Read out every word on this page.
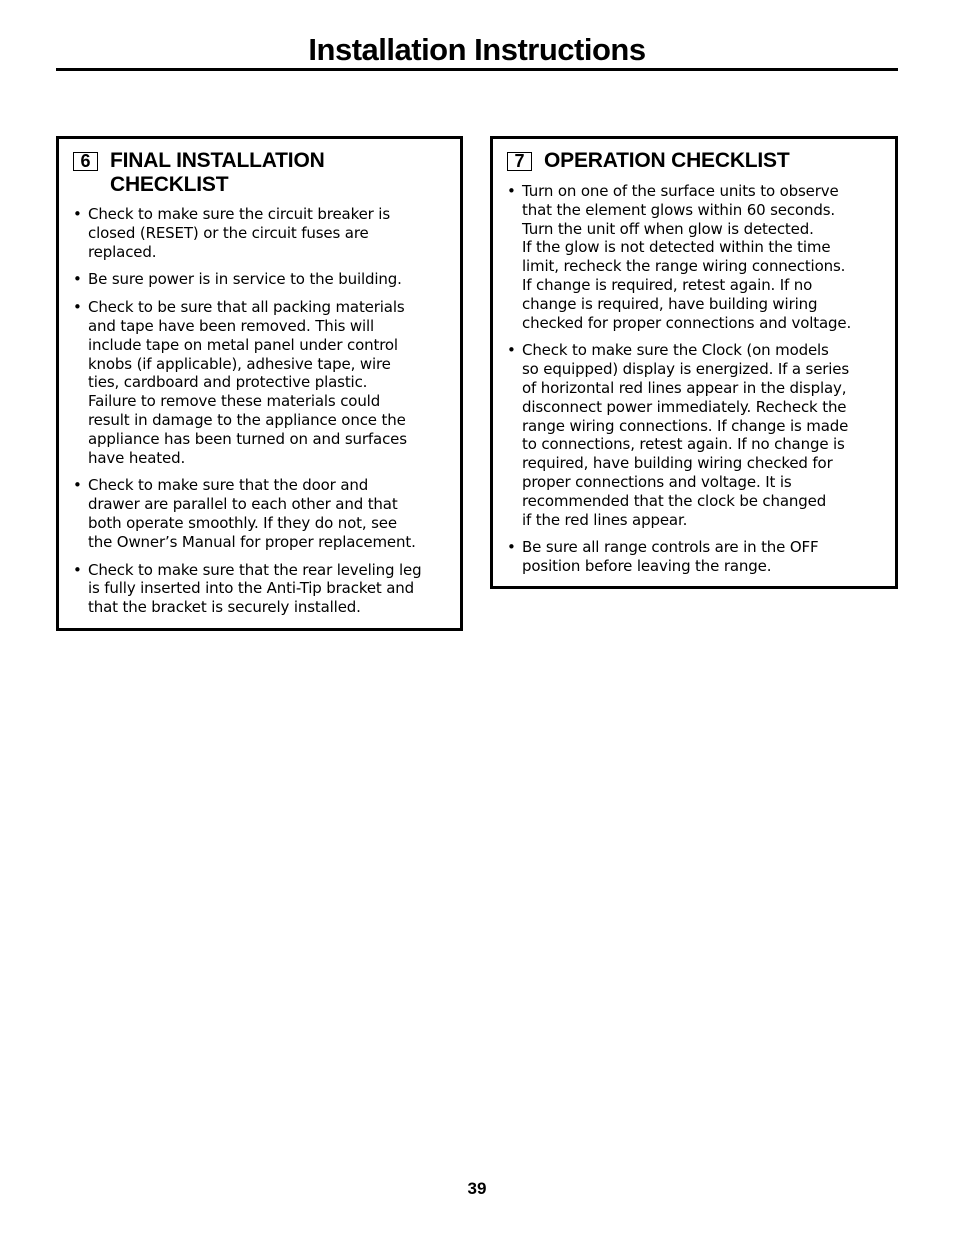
Installation Instructions
6 FINAL INSTALLATION CHECKLIST
• Check to make sure the circuit breaker is
closed (RESET) or the circuit fuses are
replaced.
• Be sure power is in service to the building.
• Check to be sure that all packing materials
and tape have been removed. This will
include tape on metal panel under control
knobs (if applicable), adhesive tape, wire
ties, cardboard and protective plastic.
Failure to remove these materials could
result in damage to the appliance once the
appliance has been turned on and surfaces
have heated.
• Check to make sure that the door and
drawer are parallel to each other and that
both operate smoothly. If they do not, see
the Owner’s Manual for proper replacement.
• Check to make sure that the rear leveling leg
is fully inserted into the Anti-Tip bracket and
that the bracket is securely installed.
7 OPERATION CHECKLIST
• Turn on one of the surface units to observe
that the element glows within 60 seconds.
Turn the unit off when glow is detected.
If the glow is not detected within the time
limit, recheck the range wiring connections.
If change is required, retest again. If no
change is required, have building wiring
checked for proper connections and voltage.
• Check to make sure the Clock (on models
so equipped) display is energized. If a series
of horizontal red lines appear in the display,
disconnect power immediately. Recheck the
range wiring connections. If change is made
to connections, retest again. If no change is
required, have building wiring checked for
proper connections and voltage. It is
recommended that the clock be changed
if the red lines appear.
• Be sure all range controls are in the OFF
position before leaving the range.

39
